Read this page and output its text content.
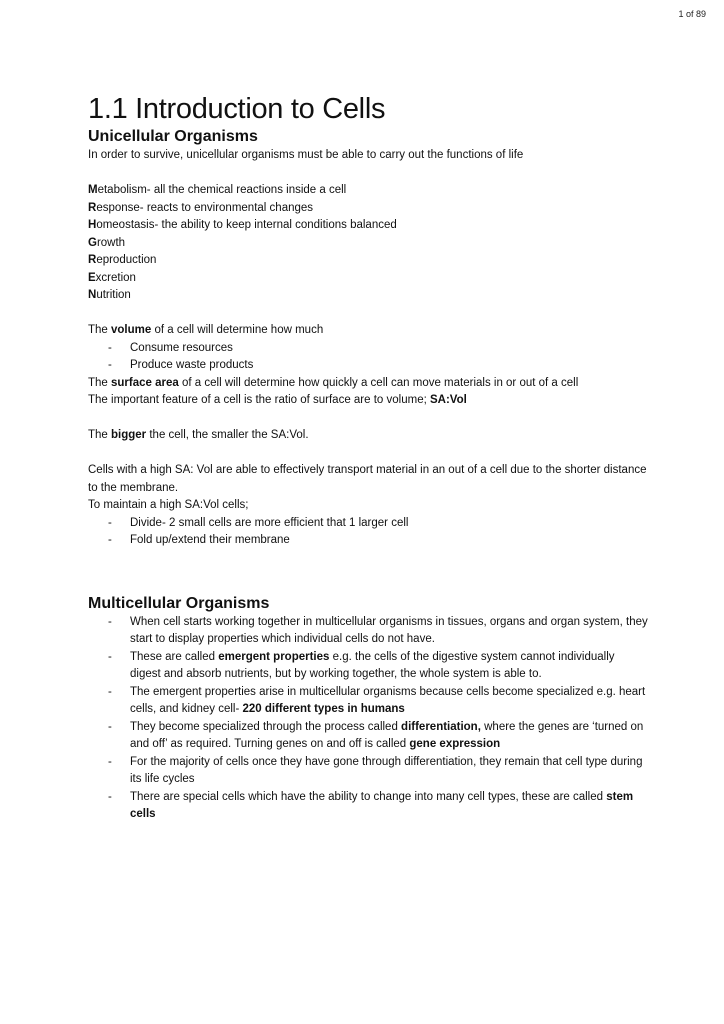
1 of 89
1.1 Introduction to Cells
Unicellular Organisms

In order to survive, unicellular organisms must be able to carry out the functions of life

Metabolism- all the chemical reactions inside a cell

Response- reacts to environmental changes

Homeostasis- the ability to keep internal conditions balanced

Growth

Reproduction

Excretion

Nutrition

The volume of a cell will determine how much

- Consume resources
- Produce waste products

The surface area of a cell will determine how quickly a cell can move materials in or out of a cell

The important feature of a cell is the ratio of surface are to volume; SA:Vol

The bigger the cell, the smaller the SA:Vol.

Cells with a high SA: Vol are able to effectively transport material in an out of a cell due to the shorter distance to the membrane.

To maintain a high SA:Vol cells;

- Divide- 2 small cells are more efficient that 1 larger cell
- Fold up/extend their membrane
Multicellular Organisms
- When cell starts working together in multicellular organisms in tissues, organs and organ system, they start to display properties which individual cells do not have.
- These are called emergent properties e.g. the cells of the digestive system cannot individually digest and absorb nutrients, but by working together, the whole system is able to.
- The emergent properties arise in multicellular organisms because cells become specialized e.g. heart cells, and kidney cell- 220 different types in humans
- They become specialized through the process called differentiation, where the genes are ‘turned on and off’ as required. Turning genes on and off is called gene expression
- For the majority of cells once they have gone through differentiation, they remain that cell type during its life cycles
- There are special cells which have the ability to change into many cell types, these are called stem cells
